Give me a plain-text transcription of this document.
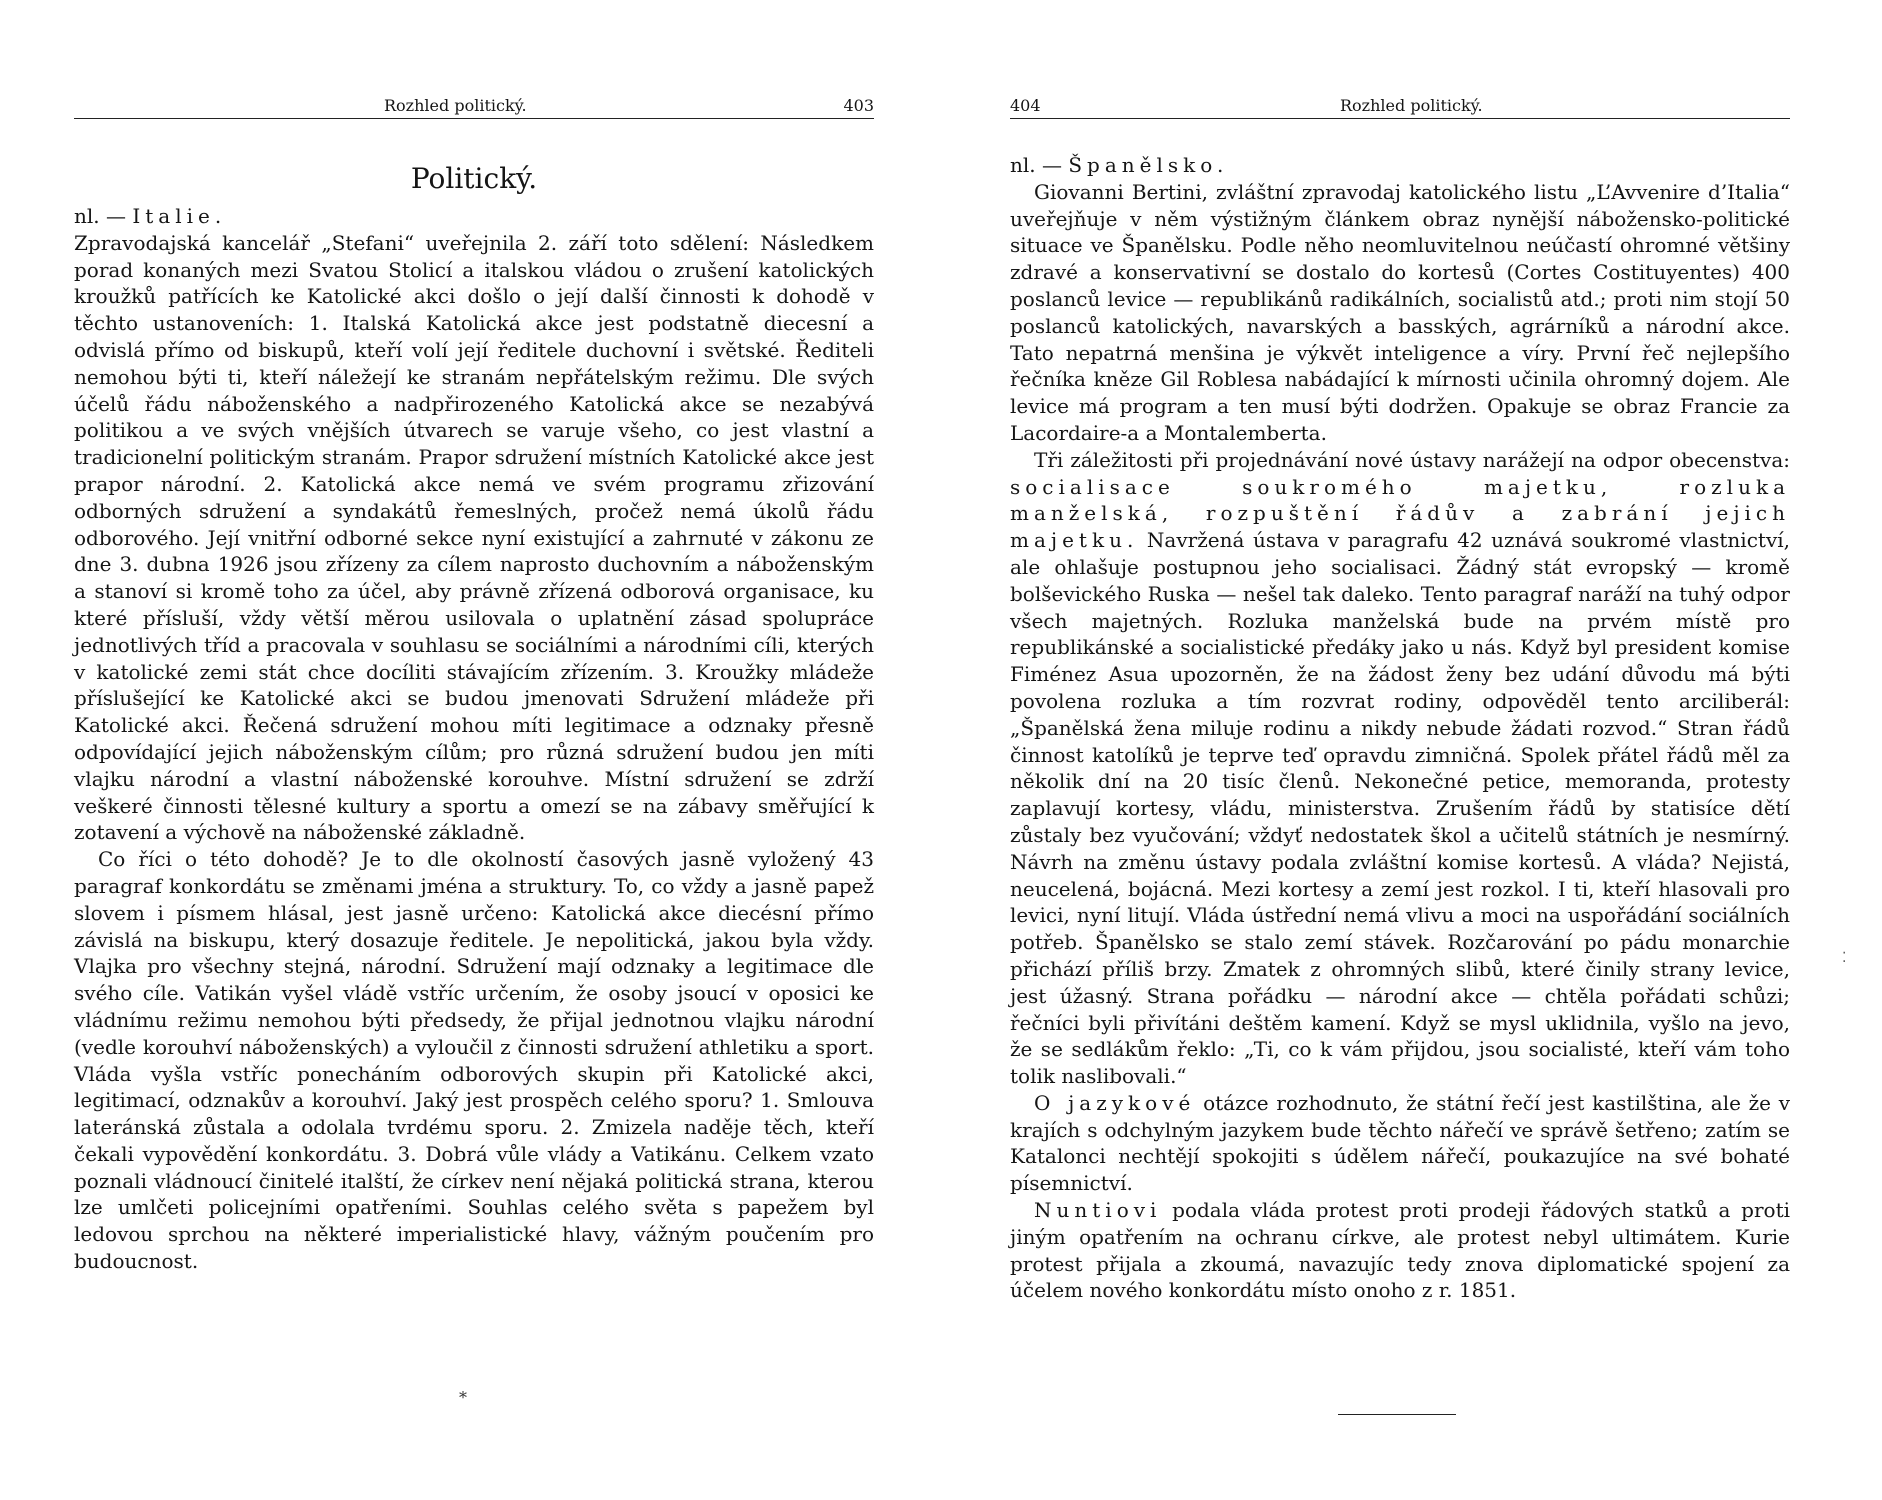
Rozhled politický.	403
Politický.

nl. — Italie.

Zpravodajská kancelář „Stefani“ uveřejnila 2. září toto sdělení: Následkem porad konaných mezi Svatou Stolicí a italskou vládou o zrušení katolických kroužků patřících ke Katolické akci došlo o její další činnosti k dohodě v těchto ustanoveních: 1. Italská Katolická akce jest podstatně diecesní a odvislá přímo od biskupů, kteří volí její ředitele duchovní i světské. Řediteli nemohou býti ti, kteří náležejí ke stranám nepřátelským režimu. Dle svých účelů řádu náboženského a nadpřirozeného Katolická akce se nezabývá politikou a ve svých vnějších útvarech se varuje všeho, co jest vlastní a tradicionelní politickým stranám. Prapor sdružení místních Katolické akce jest prapor národní. 2. Katolická akce nemá ve svém programu zřizování odborných sdružení a syndakátů řemeslných, pročež nemá úkolů řádu odborového. Její vnitřní odborné sekce nyní existující a zahrnuté v zákonu ze dne 3. dubna 1926 jsou zřízeny za cílem naprosto duchovním a náboženským a stanoví si kromě toho za účel, aby právně zřízená odborová organisace, ku které přísluší, vždy větší měrou usilovala o uplatnění zásad spolupráce jednotlivých tříd a pracovala v souhlasu se sociálními a národními cíli, kterých v katolické zemi stát chce docíliti stávajícím zřízením. 3. Kroužky mládeže příslušející ke Katolické akci se budou jmenovati Sdružení mládeže při Katolické akci. Řečená sdružení mohou míti legitimace a odznaky přesně odpovídající jejich náboženským cílům; pro různá sdružení budou jen míti vlajku národní a vlastní náboženské korouhve. Místní sdružení se zdrží veškeré činnosti tělesné kultury a sportu a omezí se na zábavy směřující k zotavení a výchově na náboženské základně.

Co říci o této dohodě? Je to dle okolností časových jasně vyložený 43 paragraf konkordátu se změnami jména a struktury. To, co vždy a jasně papež slovem i písmem hlásal, jest jasně určeno: Katolická akce diecésní přímo závislá na biskupu, který dosazuje ředitele. Je nepolitická, jakou byla vždy. Vlajka pro všechny stejná, národní. Sdružení mají odznaky a legitimace dle svého cíle. Vatikán vyšel vládě vstříc určením, že osoby jsoucí v oposici ke vládnímu režimu nemohou býti předsedy, že přijal jednotnou vlajku národní (vedle korouhví náboženských) a vyloučil z činnosti sdružení athletiku a sport. Vláda vyšla vstříc ponecháním odborových skupin při Katolické akci, legitimací, odznakův a korouhví. Jaký jest prospěch celého sporu? 1. Smlouva lateránská zůstala a odolala tvrdému sporu. 2. Zmizela naděje těch, kteří čekali vypovědění konkordátu. 3. Dobrá vůle vlády a Vatikánu. Celkem vzato poznali vládnoucí činitelé italští, že církev není nějaká politická strana, kterou lze umlčeti policejními opatřeními. Souhlas celého světa s papežem byl ledovou sprchou na některé imperialistické hlavy, vážným poučením pro budoucnost.

*
404	Rozhled politický.

nl. — Španělsko.

Giovanni Bertini, zvláštní zpravodaj katolického listu „L’Avvenire d’Italia“ uveřejňuje v něm výstižným článkem obraz nynější nábožensko-politické situace ve Španělsku. Podle něho neomluvitelnou neúčastí ohromné většiny zdravé a konservativní se dostalo do kortesů (Cortes Costituyentes) 400 poslanců levice — republikánů radikálních, socialistů atd.; proti nim stojí 50 poslanců katolických, navarských a basských, agrárníků a národní akce. Tato nepatrná menšina je výkvět inteligence a víry. První řeč nejlepšího řečníka kněze Gil Roblesa nabádající k mírnosti učinila ohromný dojem. Ale levice má program a ten musí býti dodržen. Opakuje se obraz Francie za Lacordaire-a a Montalemberta.

Tři záležitosti při projednávání nové ústavy narážejí na odpor obecenstva: socialisace soukromého majetku, rozluka manželská, rozpuštění řádův a zabrání jejich majetku. Navržená ústava v paragrafu 42 uznává soukromé vlastnictví, ale ohlašuje postupnou jeho socialisaci. Žádný stát evropský — kromě bolševického Ruska — nešel tak daleko. Tento paragraf naráží na tuhý odpor všech majetných. Rozluka manželská bude na prvém místě pro republikánské a socialistické předáky jako u nás. Když byl president komise Fiménez Asua upozorněn, že na žádost ženy bez udání důvodu má býti povolena rozluka a tím rozvrat rodiny, odpověděl tento arciliberál: „Španělská žena miluje rodinu a nikdy nebude žádati rozvod.“ Stran řádů činnost katolíků je teprve teď opravdu zimničná. Spolek přátel řádů měl za několik dní na 20 tisíc členů. Nekonečné petice, memoranda, protesty zaplavují kortesy, vládu, ministerstva. Zrušením řádů by statisíce dětí zůstaly bez vyučování; vždyť nedostatek škol a učitelů státních je nesmírný. Návrh na změnu ústavy podala zvláštní komise kortesů. A vláda? Nejistá, neucelená, bojácná. Mezi kortesy a zemí jest rozkol. I ti, kteří hlasovali pro levici, nyní litují. Vláda ústřední nemá vlivu a moci na uspořádání sociálních potřeb. Španělsko se stalo zemí stávek. Rozčarování po pádu monarchie přichází příliš brzy. Zmatek z ohromných slibů, které činily strany levice, jest úžasný. Strana pořádku — národní akce — chtěla pořádati schůzi; řečníci byli přivítáni deštěm kamení. Když se mysl uklidnila, vyšlo na jevo, že se sedlákům řeklo: „Ti, co k vám přijdou, jsou socialisté, kteří vám toho tolik naslibovali.“

O jazykové otázce rozhodnuto, že státní řečí jest kastilština, ale že v krajích s odchylným jazykem bude těchto nářečí ve správě šetřeno; zatím se Katalonci nechtějí spokojiti s údělem nářečí, poukazujíce na své bohaté písemnictví.

Nuntiovi podala vláda protest proti prodeji řádových statků a proti jiným opatřením na ochranu církve, ale protest nebyl ultimátem. Kurie protest přijala a zkoumá, navazujíc tedy znova diplomatické spojení za účelem nového konkordátu místo onoho z r. 1851.

⁚
